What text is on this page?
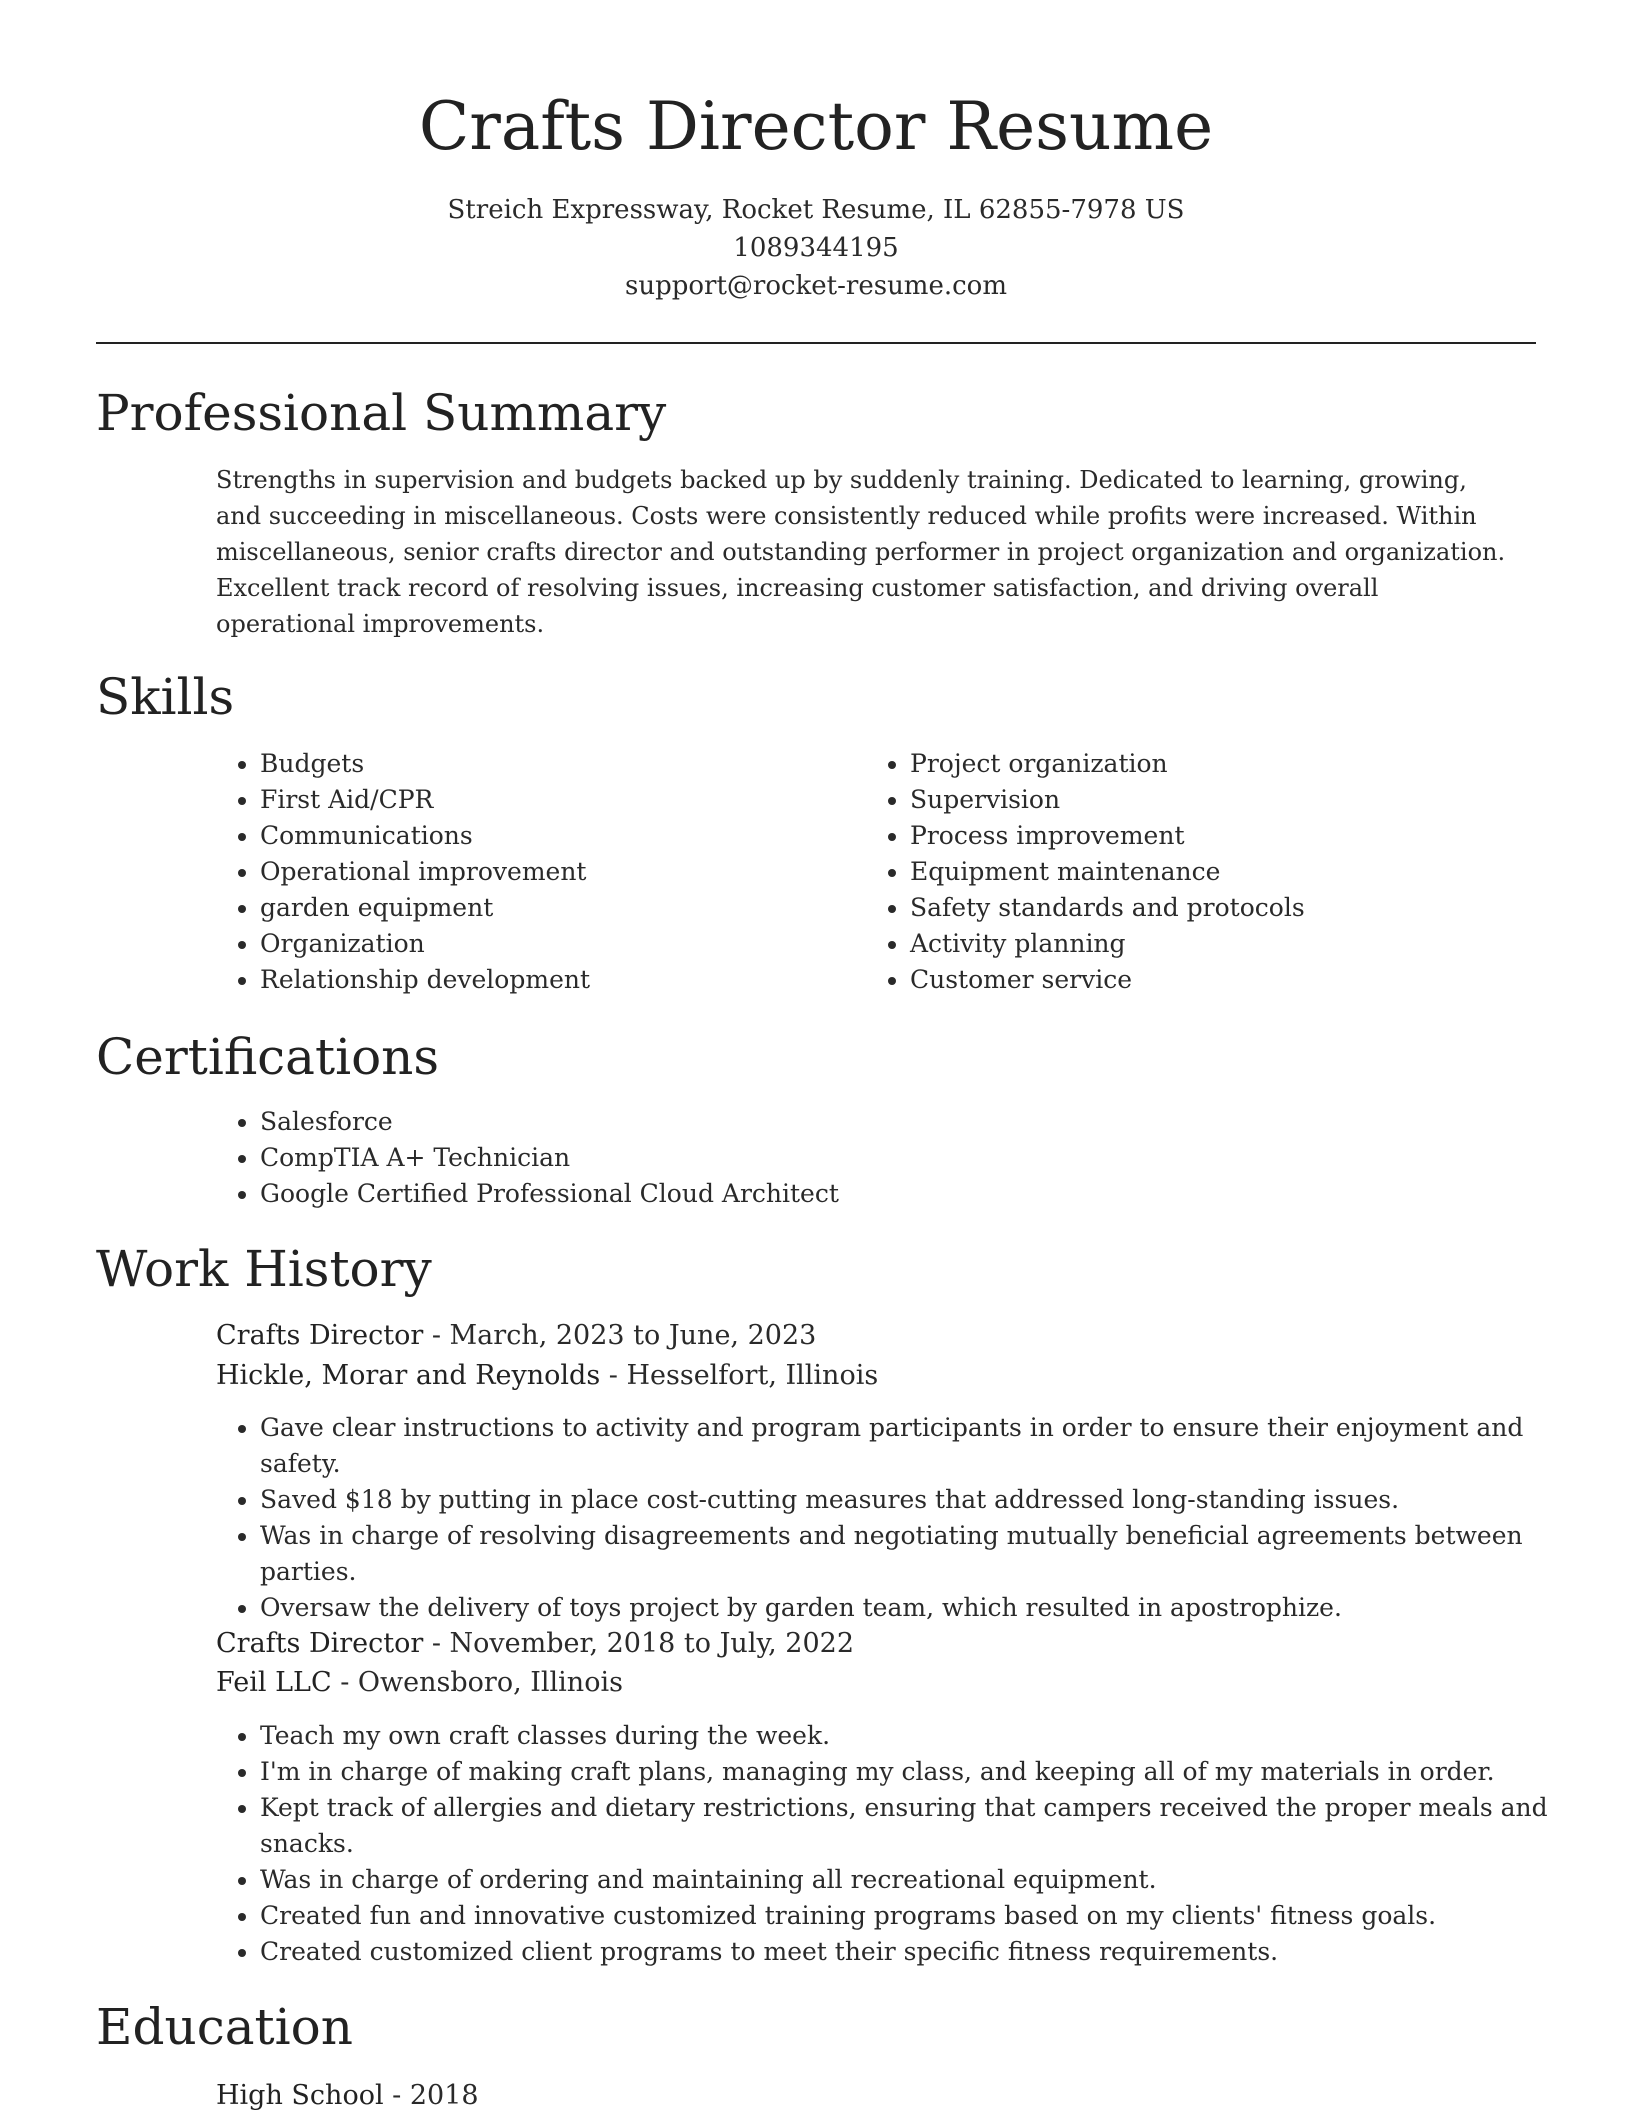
Crafts Director Resume
Streich Expressway, Rocket Resume, IL 62855-7978 US
1089344195
support@rocket-resume.com
Professional Summary

Strengths in supervision and budgets backed up by suddenly training. Dedicated to learning, growing, and succeeding in miscellaneous. Costs were consistently reduced while profits were increased. Within miscellaneous, senior crafts director and outstanding performer in project organization and organization. Excellent track record of resolving issues, increasing customer satisfaction, and driving overall operational improvements.

Skills
• Budgets
• First Aid/CPR
• Communications
• Operational improvement
• garden equipment
• Organization
• Relationship development
• Project organization
• Supervision
• Process improvement
• Equipment maintenance
• Safety standards and protocols
• Activity planning
• Customer service
Certifications
• Salesforce
• CompTIA A+ Technician
• Google Certified Professional Cloud Architect
Work History
Crafts Director - March, 2023 to June, 2023
Hickle, Morar and Reynolds - Hesselfort, Illinois
• Gave clear instructions to activity and program participants in order to ensure their enjoyment and safety.
• Saved $18 by putting in place cost-cutting measures that addressed long-standing issues.
• Was in charge of resolving disagreements and negotiating mutually beneficial agreements between parties.
• Oversaw the delivery of toys project by garden team, which resulted in apostrophize.
Crafts Director - November, 2018 to July, 2022
Feil LLC - Owensboro, Illinois
• Teach my own craft classes during the week.
• I'm in charge of making craft plans, managing my class, and keeping all of my materials in order.
• Kept track of allergies and dietary restrictions, ensuring that campers received the proper meals and snacks.
• Was in charge of ordering and maintaining all recreational equipment.
• Created fun and innovative customized training programs based on my clients' fitness goals.
• Created customized client programs to meet their specific fitness requirements.
Education
High School - 2018
